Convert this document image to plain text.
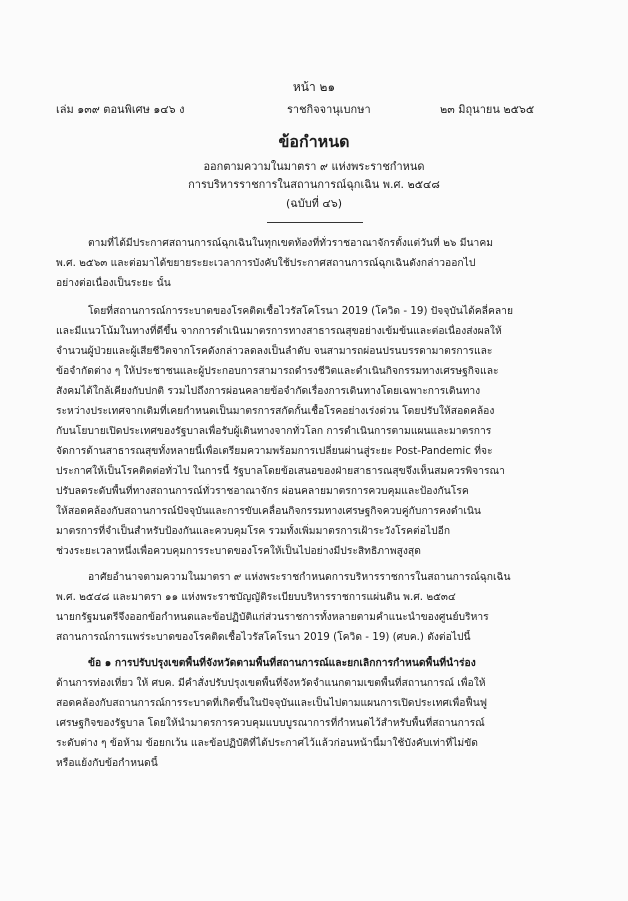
หน้า ๒๑
เล่ม ๑๓๙ ตอนพิเศษ ๑๔๖ ง	ราชกิจจานุเบกษา	๒๓ มิถุนายน ๒๕๖๕
ข้อกำหนด
ออกตามความในมาตรา ๙ แห่งพระราชกำหนด
การบริหารราชการในสถานการณ์ฉุกเฉิน พ.ศ. ๒๕๔๘
(ฉบับที่ ๔๖)
ตามที่ได้มีประกาศสถานการณ์ฉุกเฉินในทุกเขตท้องที่ทั่วราชอาณาจักรตั้งแต่วันที่ ๒๖ มีนาคม
พ.ศ. ๒๕๖๓ และต่อมาได้ขยายระยะเวลาการบังคับใช้ประกาศสถานการณ์ฉุกเฉินดังกล่าวออกไป
อย่างต่อเนื่องเป็นระยะ นั้น
โดยที่สถานการณ์การระบาดของโรคติดเชื้อไวรัสโคโรนา 2019 (โควิด - 19) ปัจจุบันได้คลี่คลาย
และมีแนวโน้มในทางที่ดีขึ้น จากการดำเนินมาตรการทางสาธารณสุขอย่างเข้มข้นและต่อเนื่องส่งผลให้
จำนวนผู้ป่วยและผู้เสียชีวิตจากโรคดังกล่าวลดลงเป็นลำดับ จนสามารถผ่อนปรนบรรดามาตรการและ
ข้อจำกัดต่าง ๆ ให้ประชาชนและผู้ประกอบการสามารถดำรงชีวิตและดำเนินกิจกรรมทางเศรษฐกิจและ
สังคมได้ใกล้เคียงกับปกติ รวมไปถึงการผ่อนคลายข้อจำกัดเรื่องการเดินทางโดยเฉพาะการเดินทาง
ระหว่างประเทศจากเดิมที่เคยกำหนดเป็นมาตรการสกัดกั้นเชื้อโรคอย่างเร่งด่วน โดยปรับให้สอดคล้อง
กับนโยบายเปิดประเทศของรัฐบาลเพื่อรับผู้เดินทางจากทั่วโลก การดำเนินการตามแผนและมาตรการ
จัดการด้านสาธารณสุขทั้งหลายนี้เพื่อเตรียมความพร้อมการเปลี่ยนผ่านสู่ระยะ Post-Pandemic ที่จะ
ประกาศให้เป็นโรคติดต่อทั่วไป ในการนี้ รัฐบาลโดยข้อเสนอของฝ่ายสาธารณสุขจึงเห็นสมควรพิจารณา
ปรับลดระดับพื้นที่ทางสถานการณ์ทั่วราชอาณาจักร ผ่อนคลายมาตรการควบคุมและป้องกันโรค
ให้สอดคล้องกับสถานการณ์ปัจจุบันและการขับเคลื่อนกิจกรรมทางเศรษฐกิจควบคู่กับการคงดำเนิน
มาตรการที่จำเป็นสำหรับป้องกันและควบคุมโรค รวมทั้งเพิ่มมาตรการเฝ้าระวังโรคต่อไปอีก
ช่วงระยะเวลาหนึ่งเพื่อควบคุมการระบาดของโรคให้เป็นไปอย่างมีประสิทธิภาพสูงสุด
อาศัยอำนาจตามความในมาตรา ๙ แห่งพระราชกำหนดการบริหารราชการในสถานการณ์ฉุกเฉิน
พ.ศ. ๒๕๔๘ และมาตรา ๑๑ แห่งพระราชบัญญัติระเบียบบริหารราชการแผ่นดิน พ.ศ. ๒๕๓๔
นายกรัฐมนตรีจึงออกข้อกำหนดและข้อปฏิบัติแก่ส่วนราชการทั้งหลายตามคำแนะนำของศูนย์บริหาร
สถานการณ์การแพร่ระบาดของโรคติดเชื้อไวรัสโคโรนา 2019 (โควิด - 19) (ศบค.) ดังต่อไปนี้
ข้อ ๑ การปรับปรุงเขตพื้นที่จังหวัดตามพื้นที่สถานการณ์และยกเลิกการกำหนดพื้นที่นำร่อง
ด้านการท่องเที่ยว ให้ ศบค. มีคำสั่งปรับปรุงเขตพื้นที่จังหวัดจำแนกตามเขตพื้นที่สถานการณ์ เพื่อให้
สอดคล้องกับสถานการณ์การระบาดที่เกิดขึ้นในปัจจุบันและเป็นไปตามแผนการเปิดประเทศเพื่อฟื้นฟู
เศรษฐกิจของรัฐบาล โดยให้นำมาตรการควบคุมแบบบูรณาการที่กำหนดไว้สำหรับพื้นที่สถานการณ์
ระดับต่าง ๆ ข้อห้าม ข้อยกเว้น และข้อปฏิบัติที่ได้ประกาศไว้แล้วก่อนหน้านี้มาใช้บังคับเท่าที่ไม่ขัด
หรือแย้งกับข้อกำหนดนี้
